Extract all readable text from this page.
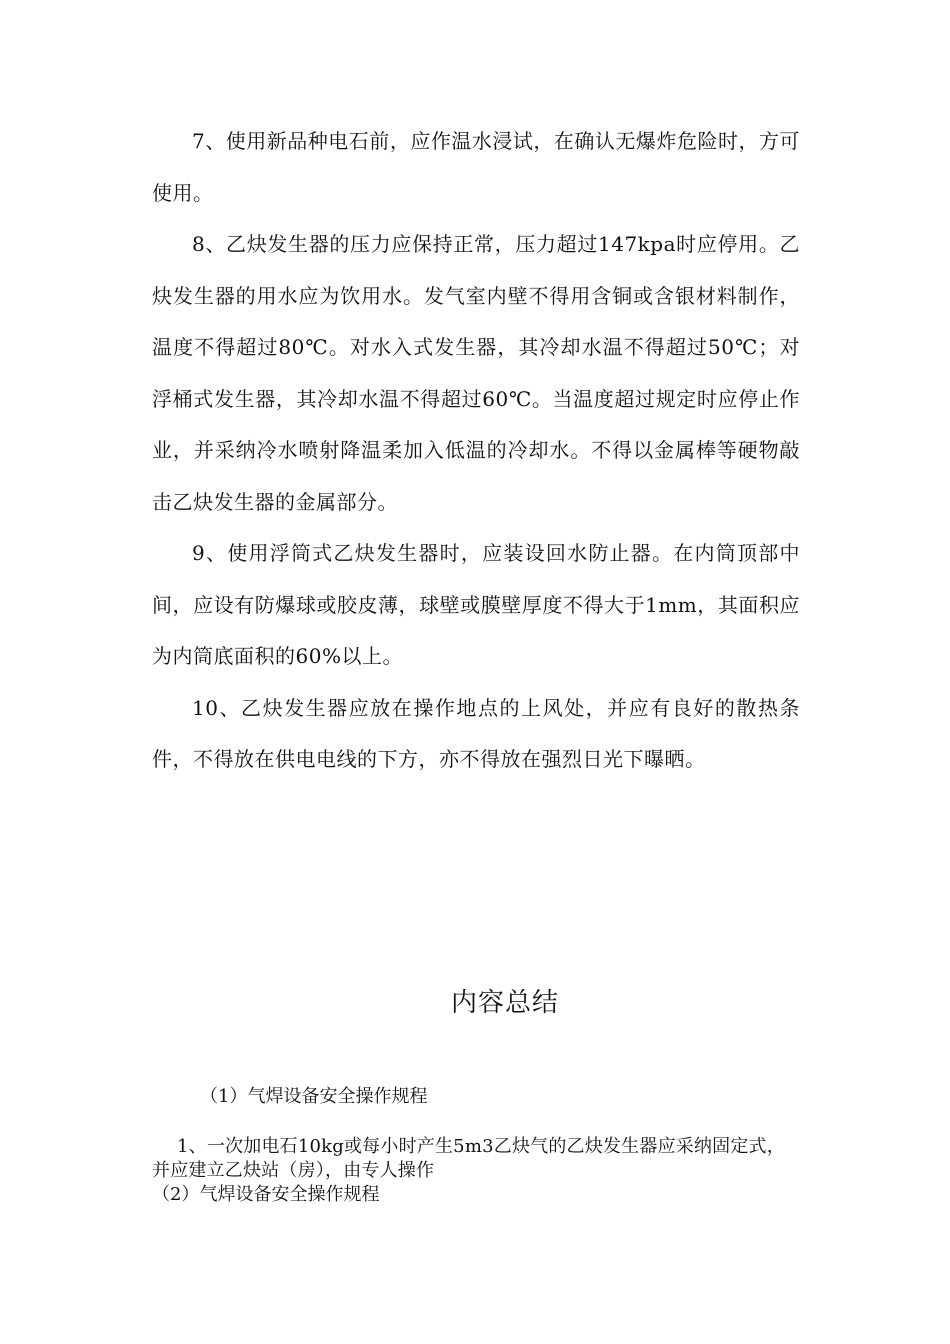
7、使用新品种电石前，应作温水浸试，在确认无爆炸危险时，方可使用。

8、乙炔发生器的压力应保持正常，压力超过147kpa时应停用。乙炔发生器的用水应为饮用水。发气室内壁不得用含铜或含银材料制作，温度不得超过80℃。对水入式发生器，其冷却水温不得超过50℃；对浮桶式发生器，其冷却水温不得超过60℃。当温度超过规定时应停止作业，并采纳冷水喷射降温柔加入低温的冷却水。不得以金属棒等硬物敲击乙炔发生器的金属部分。

9、使用浮筒式乙炔发生器时，应装设回水防止器。在内筒顶部中间，应设有防爆球或胶皮薄，球壁或膜壁厚度不得大于1mm，其面积应为内筒底面积的60%以上。

10、乙炔发生器应放在操作地点的上风处，并应有良好的散热条件，不得放在供电电线的下方，亦不得放在强烈日光下曝晒。

内容总结
（1）气焊设备安全操作规程

1、一次加电石10kg或每小时产生5m3乙炔气的乙炔发生器应采纳固定式，并应建立乙炔站（房），由专人操作

（2）气焊设备安全操作规程
